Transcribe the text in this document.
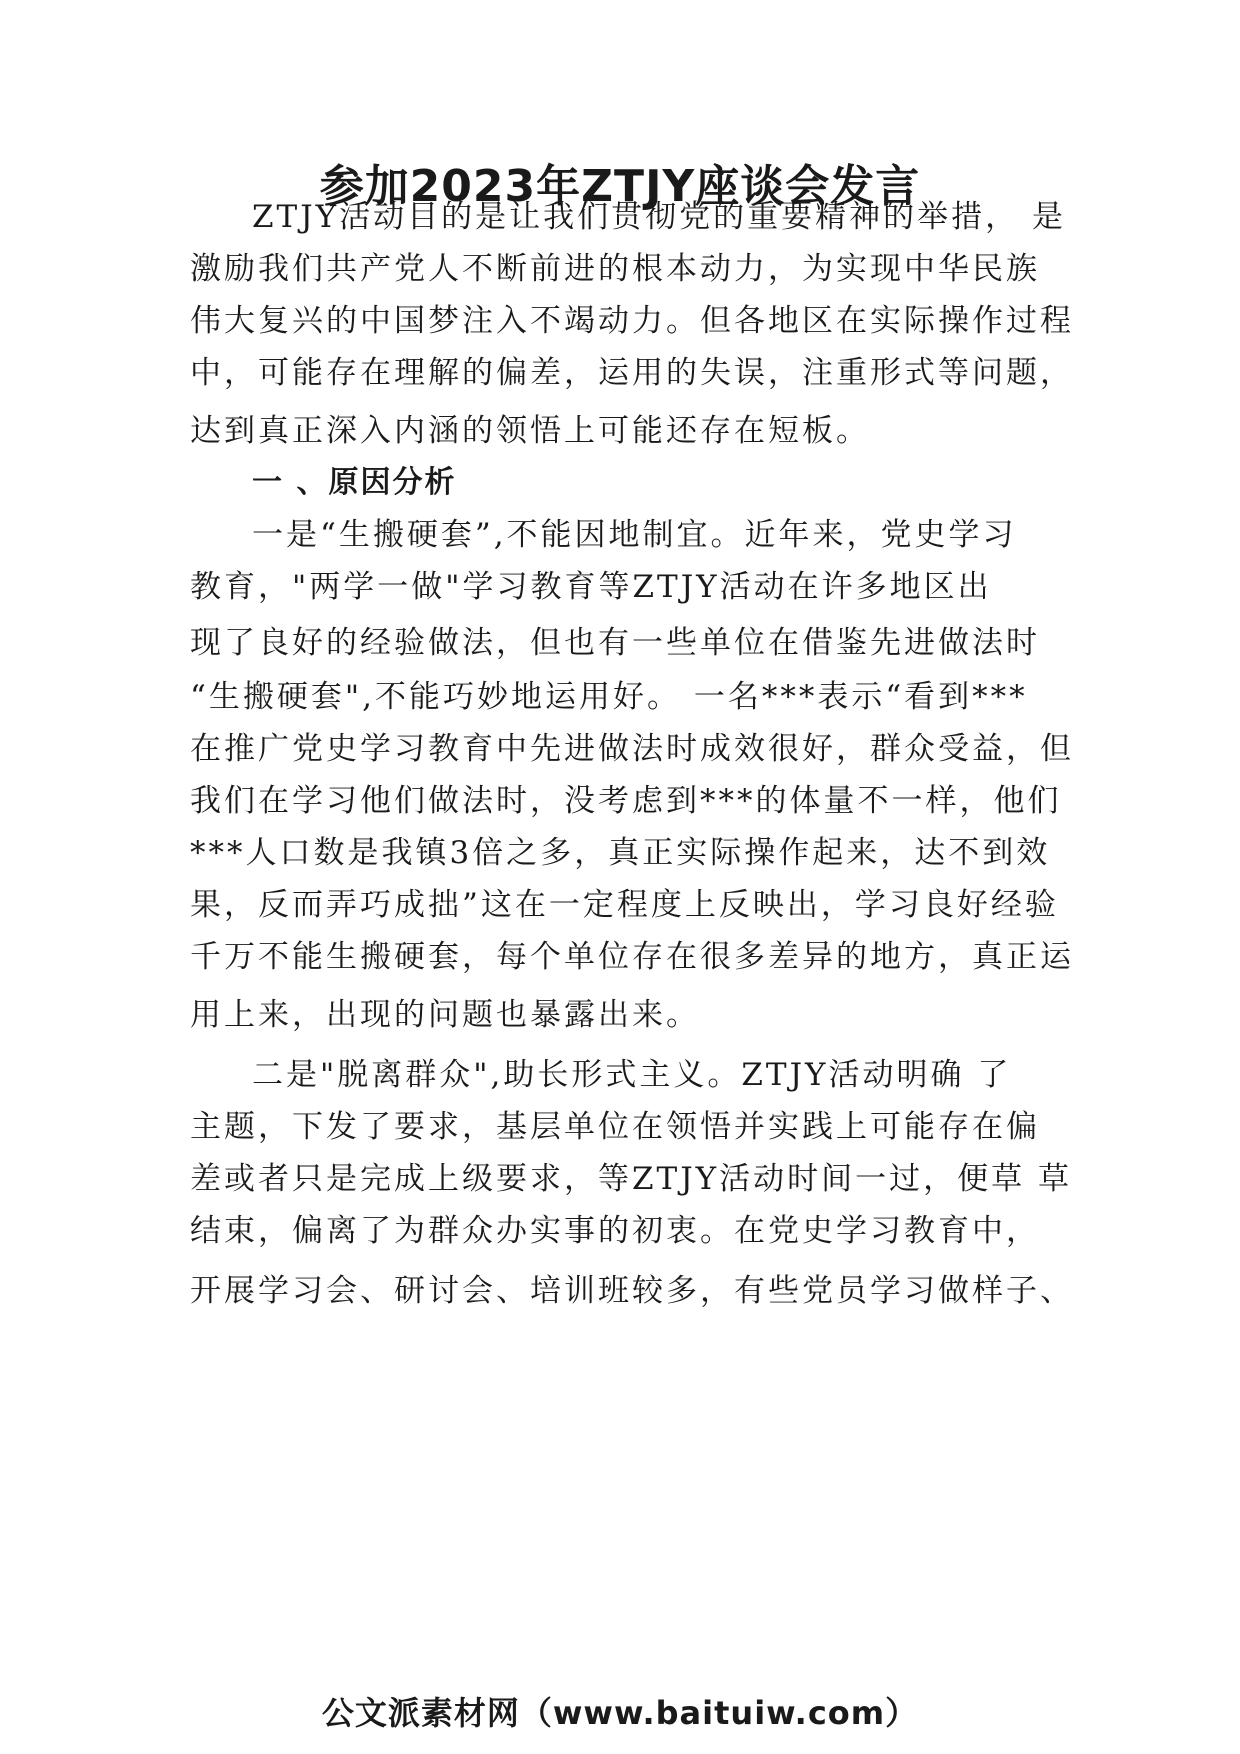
参加2023年ZTJY座谈会发言
ZTJY活动目的是让我们贯彻党的重要精神的举措， 是
激励我们共产党人不断前进的根本动力，为实现中华民族
伟大复兴的中国梦注入不竭动力。但各地区在实际操作过程
中，可能存在理解的偏差，运用的失误，注重形式等问题，
达到真正深入内涵的领悟上可能还存在短板。
一 、原因分析
一是“生搬硬套”,不能因地制宜。近年来，党史学习
教育，"两学一做"学习教育等ZTJY活动在许多地区出
现了良好的经验做法，但也有一些单位在借鉴先进做法时
“生搬硬套",不能巧妙地运用好。 一名***表示“看到***
在推广党史学习教育中先进做法时成效很好，群众受益，但
我们在学习他们做法时，没考虑到***的体量不一样，他们
***人口数是我镇3倍之多，真正实际操作起来，达不到效
果，反而弄巧成拙”这在一定程度上反映出，学习良好经验
千万不能生搬硬套，每个单位存在很多差异的地方，真正运
用上来，出现的问题也暴露出来。
二是"脱离群众",助长形式主义。ZTJY活动明确 了
主题，下发了要求，基层单位在领悟并实践上可能存在偏
差或者只是完成上级要求，等ZTJY活动时间一过，便草 草
结束，偏离了为群众办实事的初衷。在党史学习教育中，
开展学习会、研讨会、培训班较多，有些党员学习做样子、
公文派素材网（www.baituiw.com）
